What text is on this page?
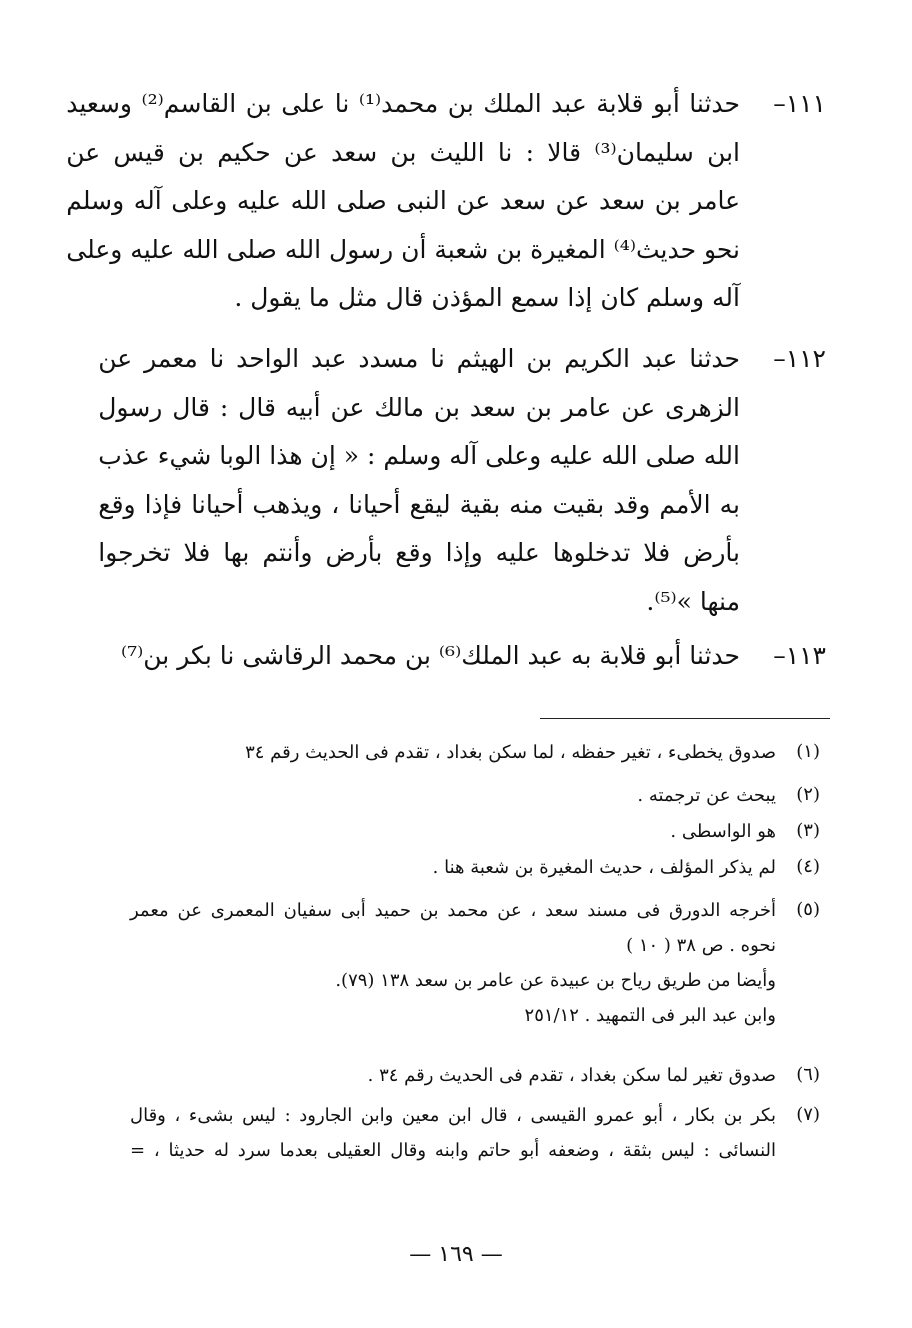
١١١–
حدثنا أبو قلابة عبد الملك بن محمد⁽¹⁾ نا على بن القاسم⁽²⁾ وسعيد
ابن سليمان⁽³⁾ قالا : نا الليث بن سعد عن حكيم بن قيس عن
عامر بن سعد عن سعد عن النبى صلى الله عليه وعلى آله وسلم
نحو حديث⁽⁴⁾ المغيرة بن شعبة أن رسول الله صلى الله عليه وعلى
آله وسلم كان إذا سمع المؤذن قال مثل ما يقول .
١١٢–
حدثنا عبد الكريم بن الهيثم نا مسدد عبد الواحد نا معمر عن
الزهرى عن عامر بن سعد بن مالك عن أبيه قال : قال رسول
الله صلى الله عليه وعلى آله وسلم : « إن هذا الوبا شيء عذب
به الأمم وقد بقيت منه بقية ليقع أحيانا ، ويذهب أحيانا فإذا وقع
بأرض فلا تدخلوها عليه وإذا وقع بأرض وأنتم بها فلا تخرجوا
منها »⁽⁵⁾.
١١٣–
حدثنا أبو قلابة به عبد الملك⁽⁶⁾ بن محمد الرقاشى نا بكر بن⁽⁷⁾
(١)
صدوق يخطىء ، تغير حفظه ، لما سكن بغداد ، تقدم فى الحديث رقم ٣٤
(٢)
يبحث عن ترجمته .
(٣)
هو الواسطى .
(٤)
لم يذكر المؤلف ، حديث المغيرة بن شعبة هنا .
(٥)
أخرجه الدورق فى مسند سعد ، عن محمد بن حميد أبى سفيان المعمرى عن معمر
نحوه . ص ٣٨ ( ١٠ )
وأيضا من طريق رياح بن عبيدة عن عامر بن سعد ١٣٨ (٧٩).
وابن عبد البر فى التمهيد . ٢٥١/١٢
(٦)
صدوق تغير لما سكن بغداد ، تقدم فى الحديث رقم ٣٤ .
(٧)
بكر بن بكار ، أبو عمرو القيسى ، قال ابن معين وابن الجارود : ليس بشىء ، وقال
النسائى : ليس بثقة ، وضعفه أبو حاتم وابنه وقال العقيلى بعدما سرد له حديثا ، =
— ١٦٩ —
